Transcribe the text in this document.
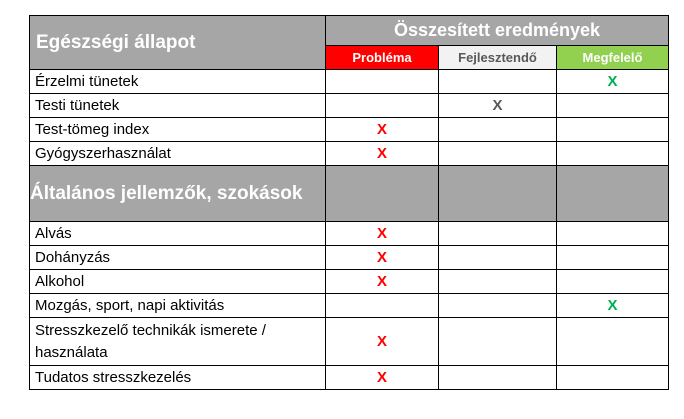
Egészségi állapot	Összesített eredmények		
	Probléma	Fejlesztendő	Megfelelő
Érzelmi tünetek			X
Testi tünetek		X	
Test-tömeg index	X		
Gyógyszerhasználat	X		
Általános jellemzők, szokások			
Alvás	X		
Dohányzás	X		
Alkohol	X		
Mozgás, sport, napi aktivitás			X
Stresszkezelő technikák ismerete / használata	X		
Tudatos stresszkezelés	X		
